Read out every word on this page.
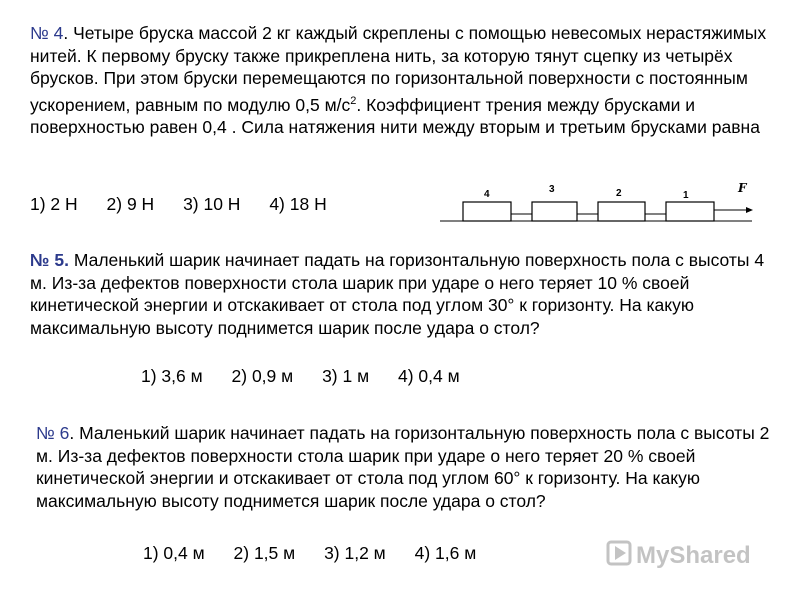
№ 4. Четыре бруска массой 2 кг каждый скреплены с помощью невесомых нерастяжимых нитей. К первому бруску также прикреплена нить, за которую тянут сцепку из четырёх брусков. При этом бруски перемещаются по горизонтальной поверхности с постоянным ускорением, равным по модулю 0,5 $м/с^2$. Коэффициент трения между брусками и поверхностью равен 0,4 . Сила натяжения нити между вторым и третьим брусками равна
1) 2 Н 2) 9 Н 3) 10 Н 4) 18 Н	4	3	2	1
F
№ 5. Маленький шарик начинает падать на горизонтальную поверхность пола с высоты 4 м. Из-за дефектов поверхности стола шарик при ударе о него теряет 10 % своей кинетической энергии и отскакивает от стола под углом 30° к горизонту. На какую максимальную высоту поднимется шарик после удара о стол?
1) 3,6 м 2) 0,9 м 3) 1 м 4) 0,4 м
№ 6. Маленький шарик начинает падать на горизонтальную поверхность пола с высоты 2 м. Из-за дефектов поверхности стола шарик при ударе о него теряет 20 % своей кинетической энергии и отскакивает от стола под углом 60° к горизонту. На какую максимальную высоту поднимется шарик после удара о стол?
1) 0,4 м 2) 1,5 м 3) 1,2 м 4) 1,6 м	MyShared
